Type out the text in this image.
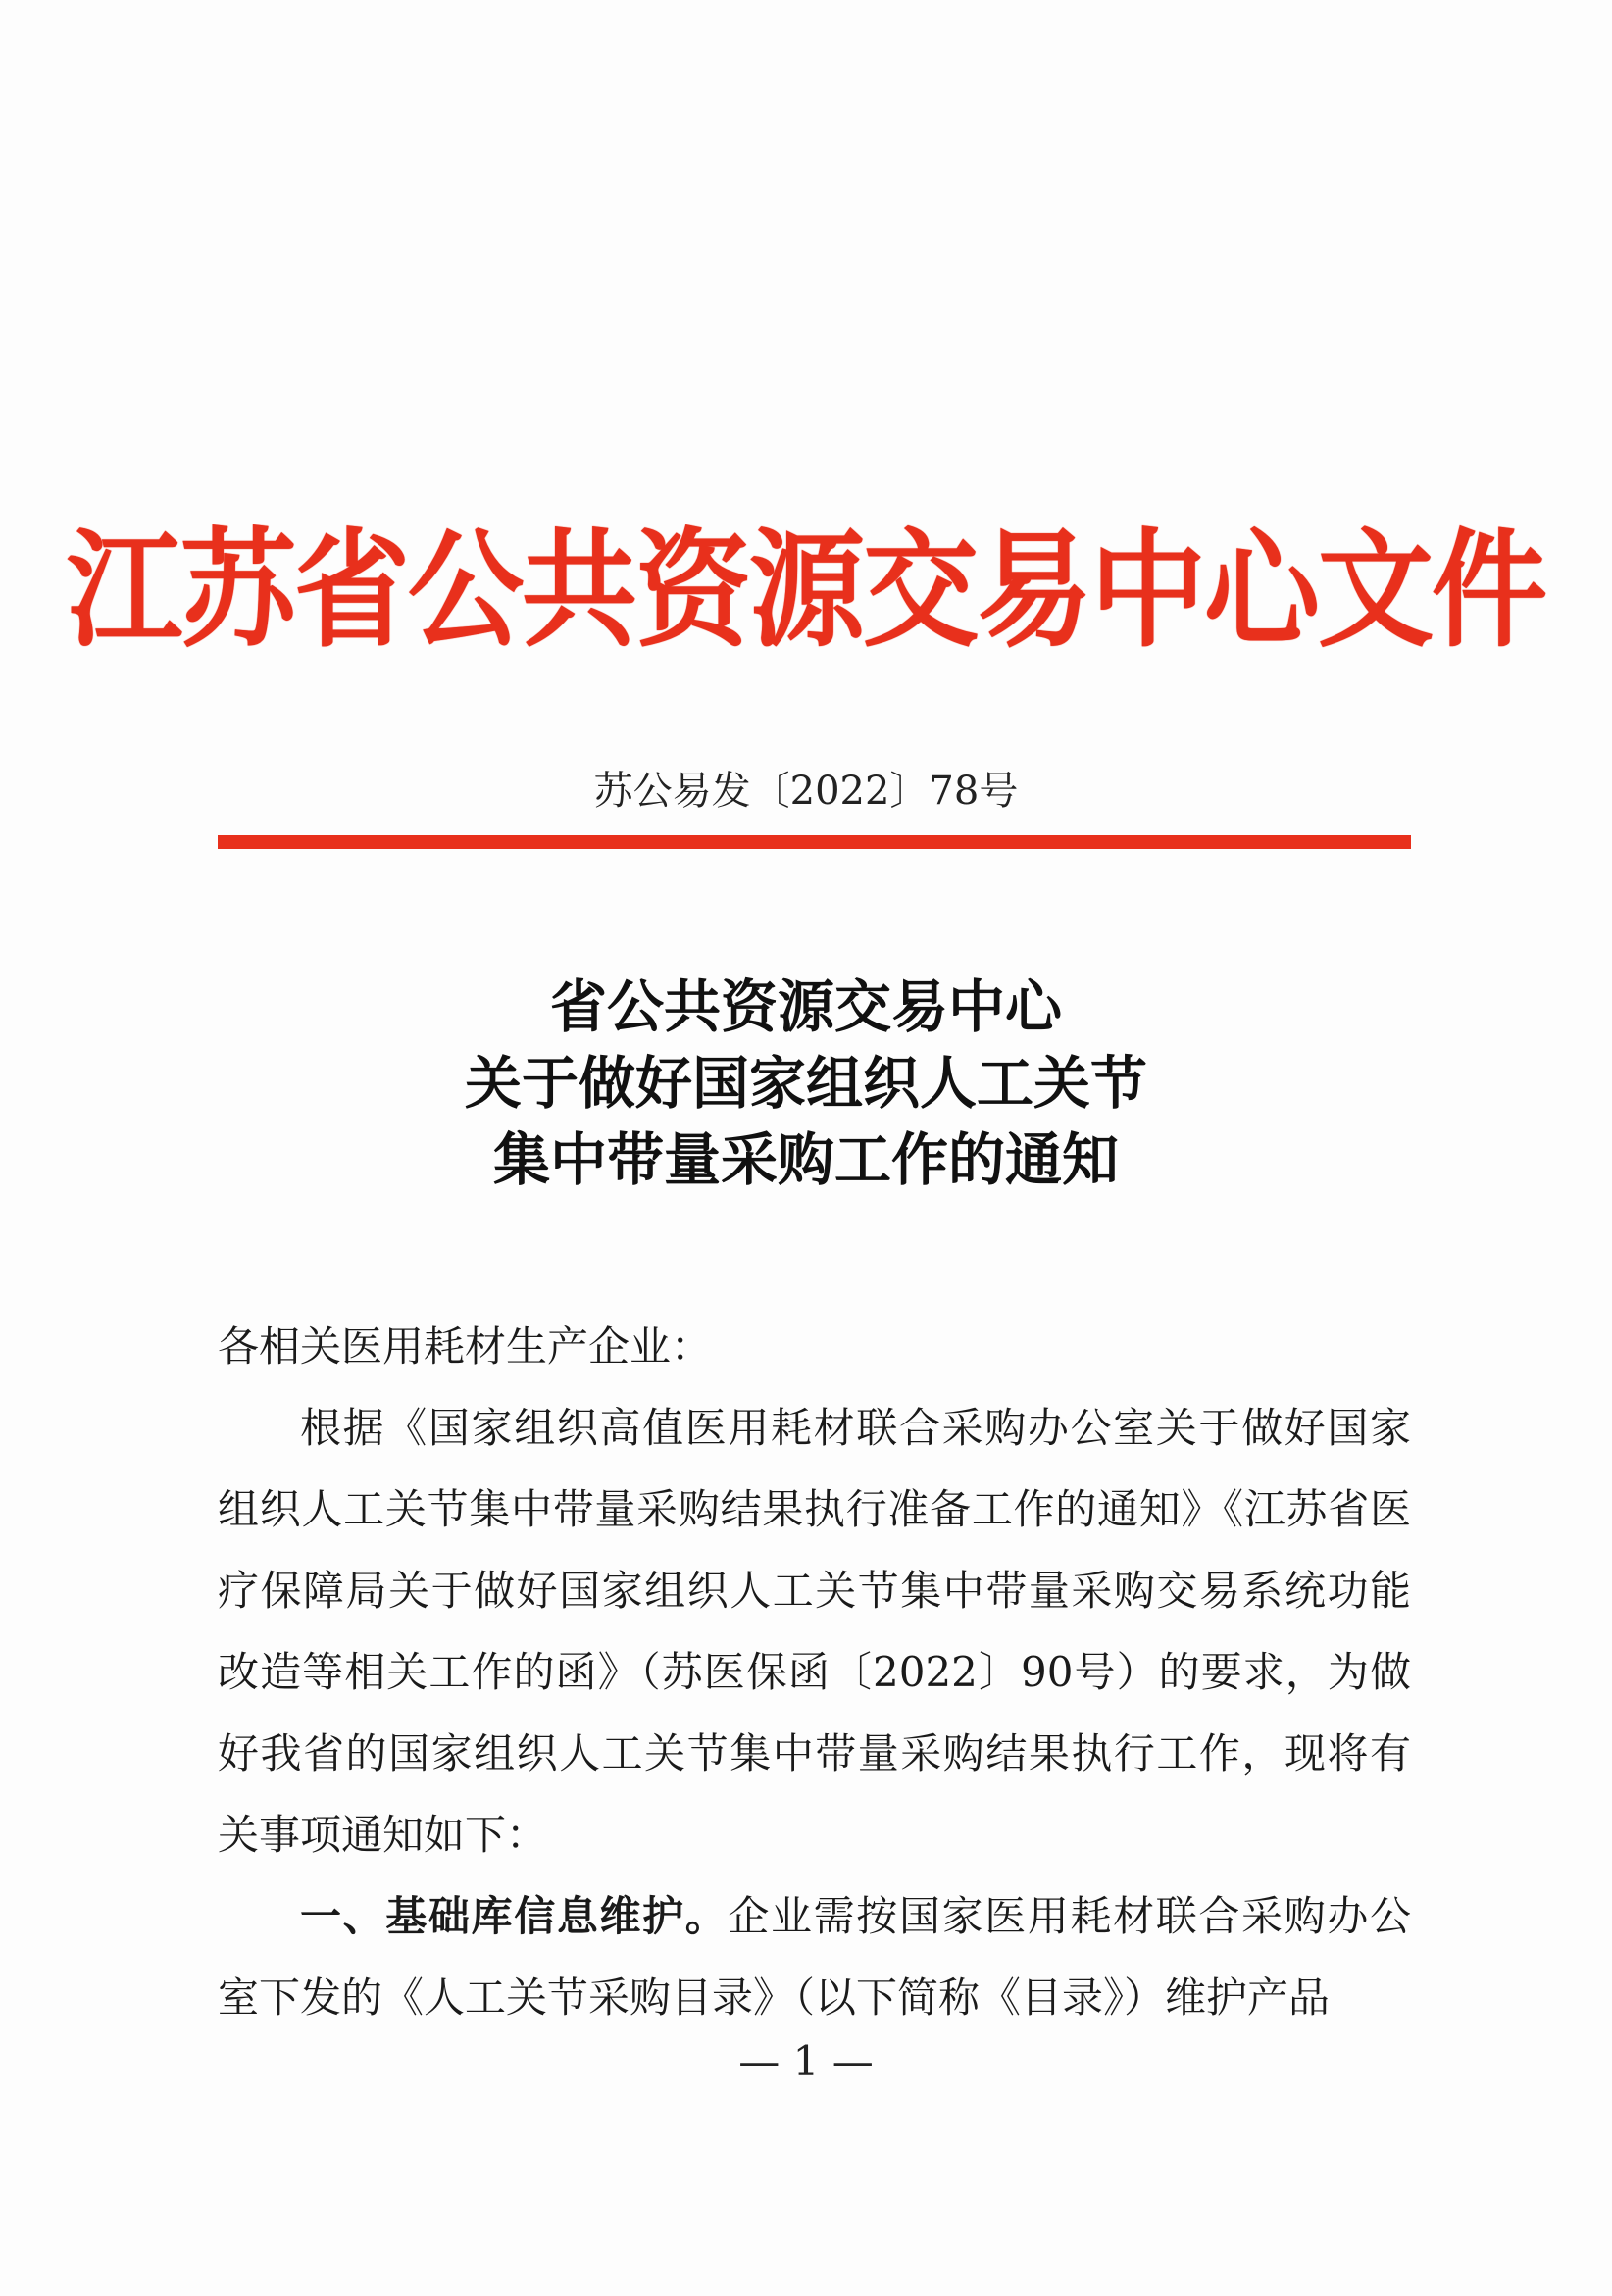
江苏省公共资源交易中心文件
苏公易发〔2022〕78号
省公共资源交易中心
关于做好国家组织人工关节
集中带量采购工作的通知

各相关医用耗材生产企业：

根据《国家组织高值医用耗材联合采购办公室关于做好国家组织人工关节集中带量采购结果执行准备工作的通知》《江苏省医疗保障局关于做好国家组织人工关节集中带量采购交易系统功能改造等相关工作的函》（苏医保函〔2022〕90号）的要求，为做好我省的国家组织人工关节集中带量采购结果执行工作，现将有关事项通知如下：

一、基础库信息维护。企业需按国家医用耗材联合采购办公室下发的《人工关节采购目录》（以下简称《目录》）维护产品

— 1 —
